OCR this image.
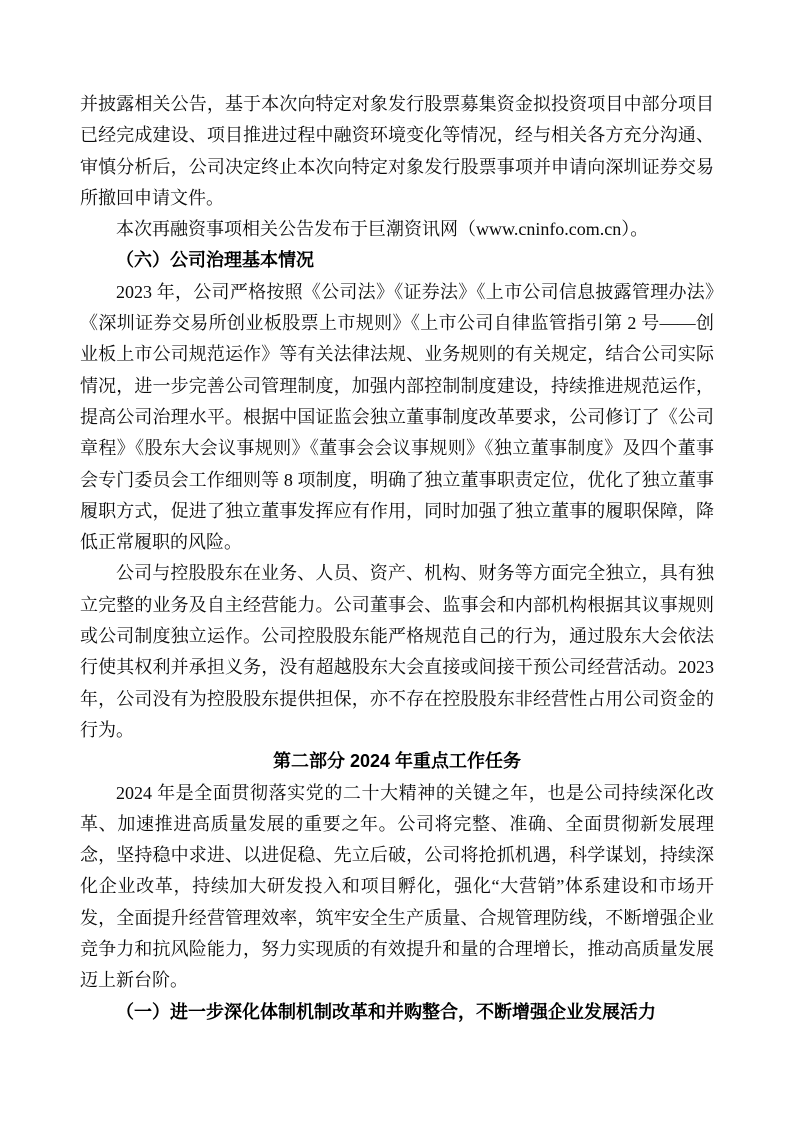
并披露相关公告，基于本次向特定对象发行股票募集资金拟投资项目中部分项目已经完成建设、项目推进过程中融资环境变化等情况，经与相关各方充分沟通、审慎分析后，公司决定终止本次向特定对象发行股票事项并申请向深圳证券交易所撤回申请文件。

本次再融资事项相关公告发布于巨潮资讯网（www.cninfo.com.cn）。

（六）公司治理基本情况

2023 年，公司严格按照《公司法》《证券法》《上市公司信息披露管理办法》《深圳证券交易所创业板股票上市规则》《上市公司自律监管指引第 2 号——创业板上市公司规范运作》等有关法律法规、业务规则的有关规定，结合公司实际情况，进一步完善公司管理制度，加强内部控制制度建设，持续推进规范运作，提高公司治理水平。根据中国证监会独立董事制度改革要求，公司修订了《公司章程》《股东大会议事规则》《董事会会议事规则》《独立董事制度》及四个董事会专门委员会工作细则等 8 项制度，明确了独立董事职责定位，优化了独立董事履职方式，促进了独立董事发挥应有作用，同时加强了独立董事的履职保障，降低正常履职的风险。

公司与控股股东在业务、人员、资产、机构、财务等方面完全独立，具有独立完整的业务及自主经营能力。公司董事会、监事会和内部机构根据其议事规则或公司制度独立运作。公司控股股东能严格规范自己的行为，通过股东大会依法行使其权利并承担义务，没有超越股东大会直接或间接干预公司经营活动。2023 年，公司没有为控股股东提供担保，亦不存在控股股东非经营性占用公司资金的行为。

第二部分 2024 年重点工作任务

2024 年是全面贯彻落实党的二十大精神的关键之年，也是公司持续深化改革、加速推进高质量发展的重要之年。公司将完整、准确、全面贯彻新发展理念，坚持稳中求进、以进促稳、先立后破，公司将抢抓机遇，科学谋划，持续深化企业改革，持续加大研发投入和项目孵化，强化“大营销”体系建设和市场开发，全面提升经营管理效率，筑牢安全生产质量、合规管理防线，不断增强企业竞争力和抗风险能力，努力实现质的有效提升和量的合理增长，推动高质量发展迈上新台阶。

（一）进一步深化体制机制改革和并购整合，不断增强企业发展活力
